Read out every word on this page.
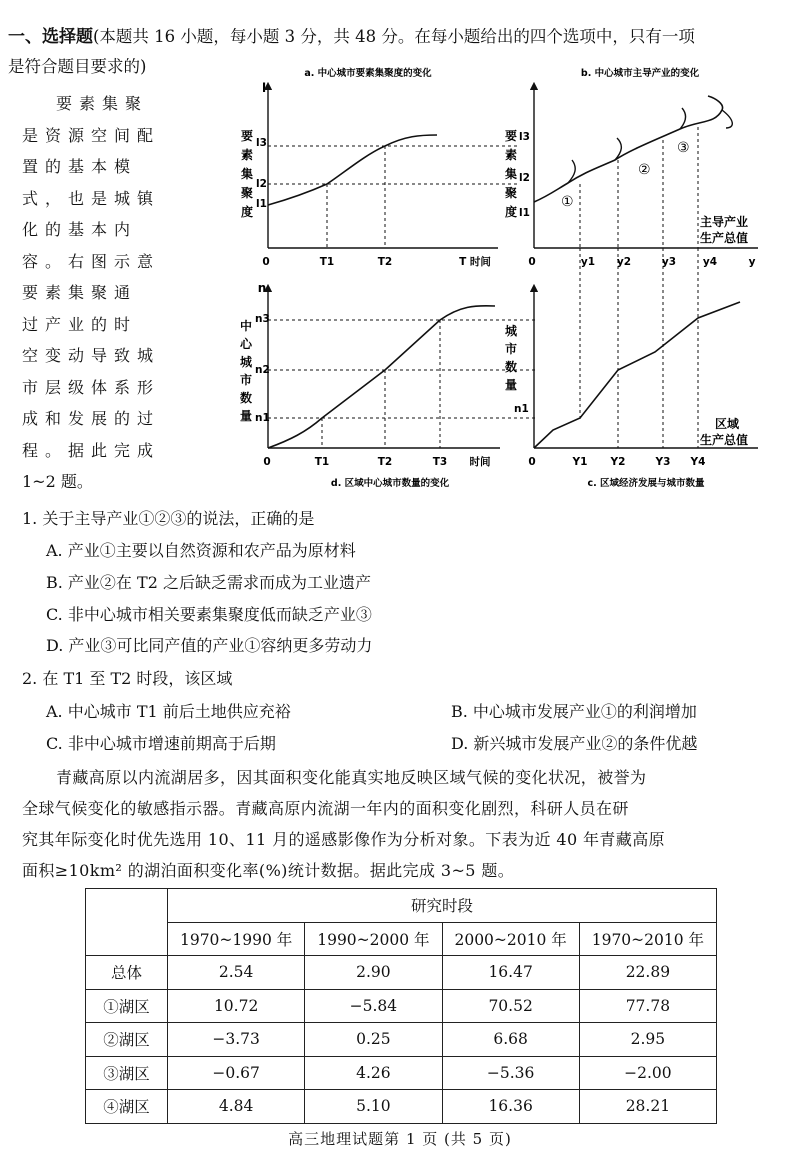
一、选择题(本题共 16 小题，每小题 3 分，共 48 分。在每小题给出的四个选项中，只有一项
是符合题目要求的)
要素集聚
是资源空间配
置的基本模
式，也是城镇
化的基本内
容。右图示意
要素集聚通
过产业的时
空变动导致城
市层级体系形
成和发展的过
程。据此完成
1~2 题。
a. 中心城市要素集聚度的变化
l
要
素
集
聚
度
l3
l2
l1
0	T1	T2	T 时间
b. 中心城市主导产业的变化
要
素
集
聚
度
l3
l2
l1
①
②
③
主导产业
生产总值
0	y1 y2	y3	y4	y
n
中
心
城
市
数
量
n3
n2
n1
0	T1	T2	T3 时间
d. 区域中心城市数量的变化
城
市
数
量
n1
区域
生产总值
0	Y1 Y2	Y3 Y4
c. 区域经济发展与城市数量
1. 关于主导产业①②③的说法，正确的是
A. 产业①主要以自然资源和农产品为原材料
B. 产业②在 T2 之后缺乏需求而成为工业遗产
C. 非中心城市相关要素集聚度低而缺乏产业③
D. 产业③可比同产值的产业①容纳更多劳动力
2. 在 T1 至 T2 时段，该区域
A. 中心城市 T1 前后土地供应充裕	B. 中心城市发展产业①的利润增加
C. 非中心城市增速前期高于后期	D. 新兴城市发展产业②的条件优越
青藏高原以内流湖居多，因其面积变化能真实地反映区域气候的变化状况，被誉为
全球气候变化的敏感指示器。青藏高原内流湖一年内的面积变化剧烈，科研人员在研
究其年际变化时优先选用 10、11 月的遥感影像作为分析对象。下表为近 40 年青藏高原
面积≥10km² 的湖泊面积变化率(%)统计数据。据此完成 3~5 题。
	研究时段			
	1970~1990 年	1990~2000 年	2000~2010 年	1970~2010 年
总体	2.54	2.90	16.47	22.89
①湖区	10.72	−5.84	70.52	77.78
②湖区	−3.73	0.25	6.68	2.95
③湖区	−0.67	4.26	−5.36	−2.00
④湖区	4.84	5.10	16.36	28.21
高三地理试题第 1 页 (共 5 页)
